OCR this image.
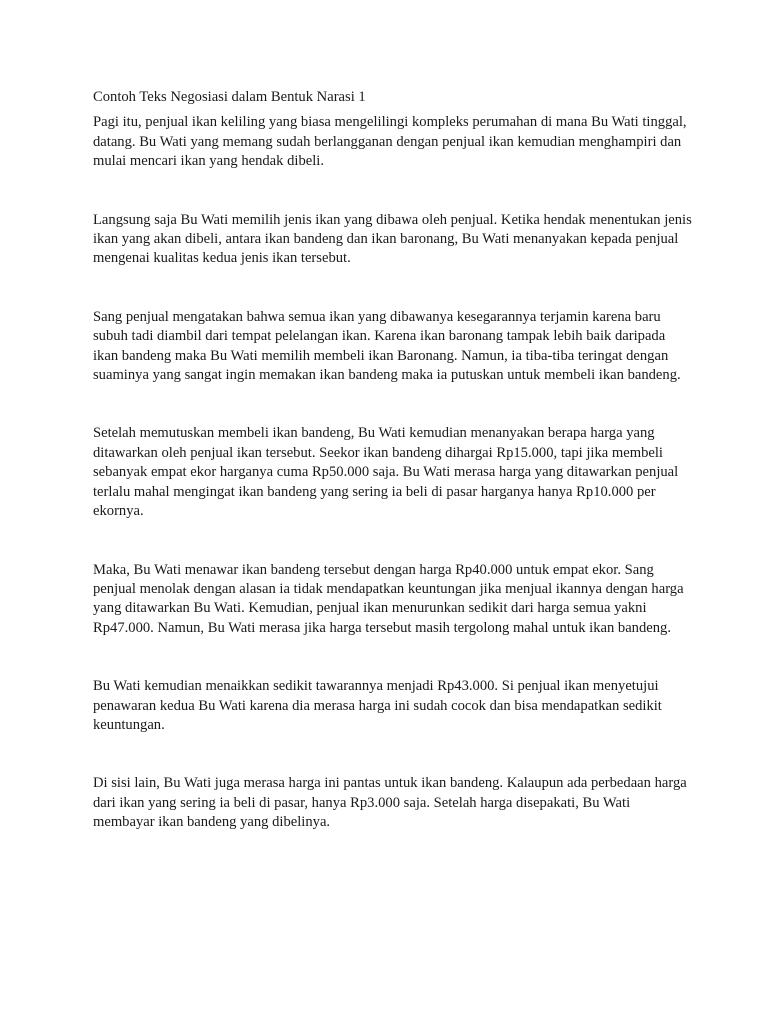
Contoh Teks Negosiasi dalam Bentuk Narasi 1

Pagi itu, penjual ikan keliling yang biasa mengelilingi kompleks perumahan di mana Bu Wati tinggal, datang. Bu Wati yang memang sudah berlangganan dengan penjual ikan kemudian menghampiri dan mulai mencari ikan yang hendak dibeli.

Langsung saja Bu Wati memilih jenis ikan yang dibawa oleh penjual. Ketika hendak menentukan jenis ikan yang akan dibeli, antara ikan bandeng dan ikan baronang, Bu Wati menanyakan kepada penjual mengenai kualitas kedua jenis ikan tersebut.

Sang penjual mengatakan bahwa semua ikan yang dibawanya kesegarannya terjamin karena baru subuh tadi diambil dari tempat pelelangan ikan. Karena ikan baronang tampak lebih baik daripada ikan bandeng maka Bu Wati memilih membeli ikan Baronang. Namun, ia tiba-tiba teringat dengan suaminya yang sangat ingin memakan ikan bandeng maka ia putuskan untuk membeli ikan bandeng.

Setelah memutuskan membeli ikan bandeng, Bu Wati kemudian menanyakan berapa harga yang ditawarkan oleh penjual ikan tersebut. Seekor ikan bandeng dihargai Rp15.000, tapi jika membeli sebanyak empat ekor harganya cuma Rp50.000 saja. Bu Wati merasa harga yang ditawarkan penjual terlalu mahal mengingat ikan bandeng yang sering ia beli di pasar harganya hanya Rp10.000 per ekornya.

Maka, Bu Wati menawar ikan bandeng tersebut dengan harga Rp40.000 untuk empat ekor. Sang penjual menolak dengan alasan ia tidak mendapatkan keuntungan jika menjual ikannya dengan harga yang ditawarkan Bu Wati. Kemudian, penjual ikan menurunkan sedikit dari harga semua yakni Rp47.000. Namun, Bu Wati merasa jika harga tersebut masih tergolong mahal untuk ikan bandeng.

Bu Wati kemudian menaikkan sedikit tawarannya menjadi Rp43.000. Si penjual ikan menyetujui penawaran kedua Bu Wati karena dia merasa harga ini sudah cocok dan bisa mendapatkan sedikit keuntungan.

Di sisi lain, Bu Wati juga merasa harga ini pantas untuk ikan bandeng. Kalaupun ada perbedaan harga dari ikan yang sering ia beli di pasar, hanya Rp3.000 saja. Setelah harga disepakati, Bu Wati membayar ikan bandeng yang dibelinya.
